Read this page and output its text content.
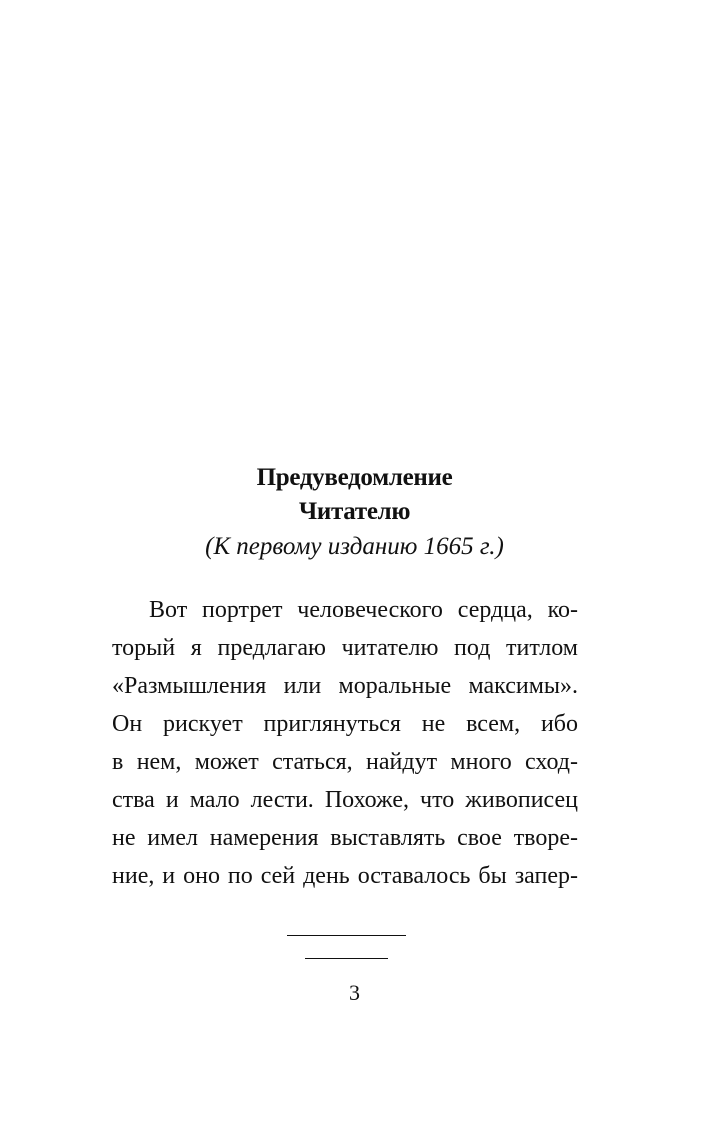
Предуведомление
Читателю
(К первому изданию 1665 г.)
Вот портрет человеческого сердца, ко-
торый я предлагаю читателю под титлом
«Размышления или моральные максимы».
Он рискует приглянуться не всем, ибо
в нем, может статься, найдут много сход-
ства и мало лести. Похоже, что живописец
не имел намерения выставлять свое творе-
ние, и оно по сей день оставалось бы запер-
3
